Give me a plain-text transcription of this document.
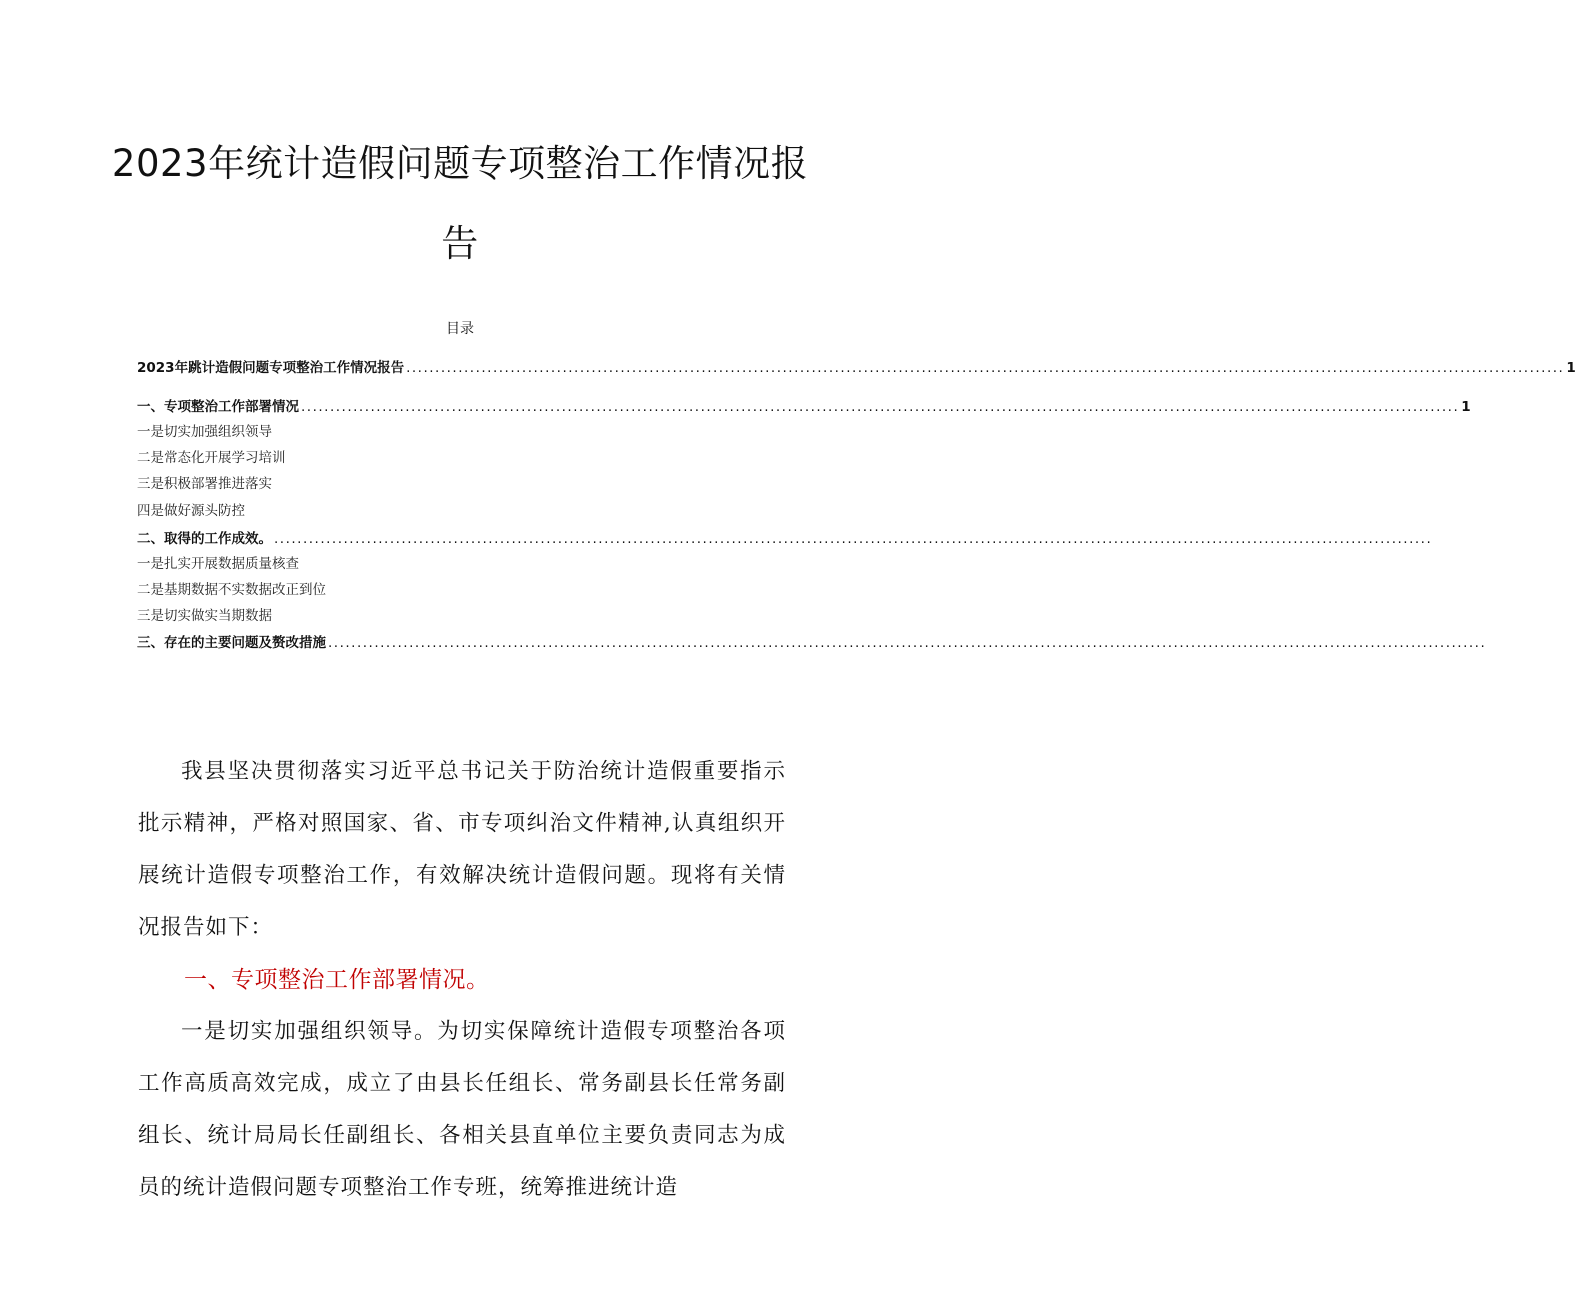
2023年统计造假问题专项整治工作情况报
告
目录
2023年跳计造假问题专项整治工作情况报告 ........................................................................................................................................................................................................ 1
一、专项整治工作部署情况 ........................................................................................................................................................................................................ 1
一是切实加强组织领导
二是常态化开展学习培训
三是积极部署推进落实
四是做好源头防控
二、取得的工作成效。 ........................................................................................................................................................................................................
一是扎实开展数据质量核查
二是基期数据不实数据改正到位
三是切实做实当期数据
三、存在的主要问题及赘改措施 ........................................................................................................................................................................................................

我县坚决贯彻落实习近平总书记关于防治统计造假重要指示批示精神，严格对照国家、省、市专项纠治文件精神,认真组织开展统计造假专项整治工作，有效解决统计造假问题。现将有关情况报告如下：

一、专项整治工作部署情况。

一是切实加强组织领导。为切实保障统计造假专项整治各项工作高质高效完成，成立了由县长任组长、常务副县长任常务副组长、统计局局长任副组长、各相关县直单位主要负责同志为成员的统计造假问题专项整治工作专班，统筹推进统计造
